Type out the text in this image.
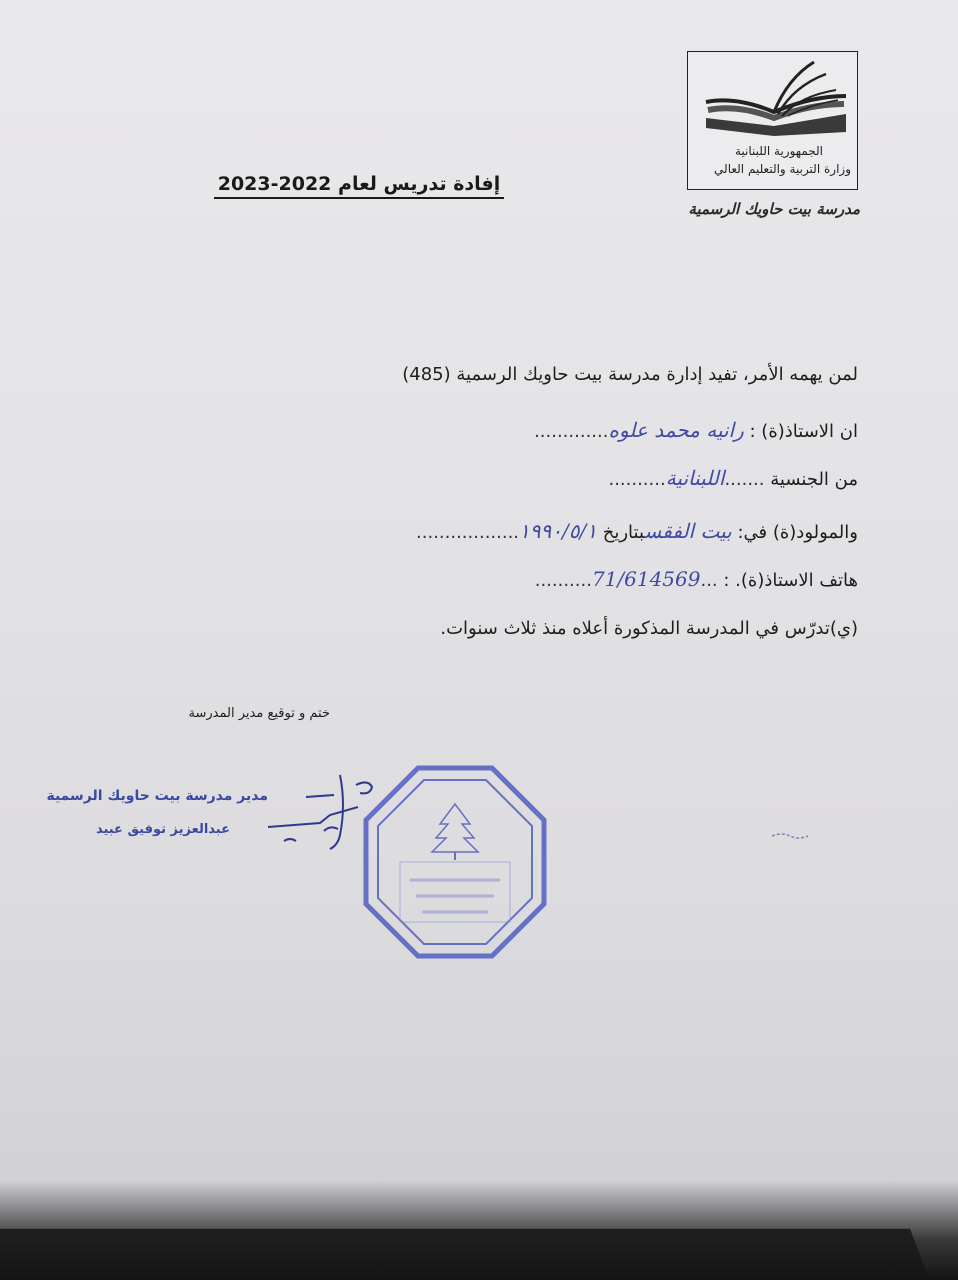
الجمهورية اللبنانية
وزارة التربية والتعليم العالي
مدرسة بيت حاويك الرسمية
إفادة تدريس لعام 2022-2023
لمن يهمه الأمر، تفيد إدارة مدرسة بيت حاويك الرسمية (485)
ان الاستاذ(ة) : رانيه محمد علوه.............
من الجنسية .......اللبنانية..........
والمولود(ة) في: بيت الفقسبتاريخ ١٩٩٠/٥/١..................
هاتف الاستاذ(ة). : ...71/614569..........
(ي)تدرّس في المدرسة المذكورة أعلاه منذ ثلاث سنوات.
ختم و توقيع مدير المدرسة
مدير مدرسة بيت حاويك الرسمية
عبدالعزيز توفيق عبيد
